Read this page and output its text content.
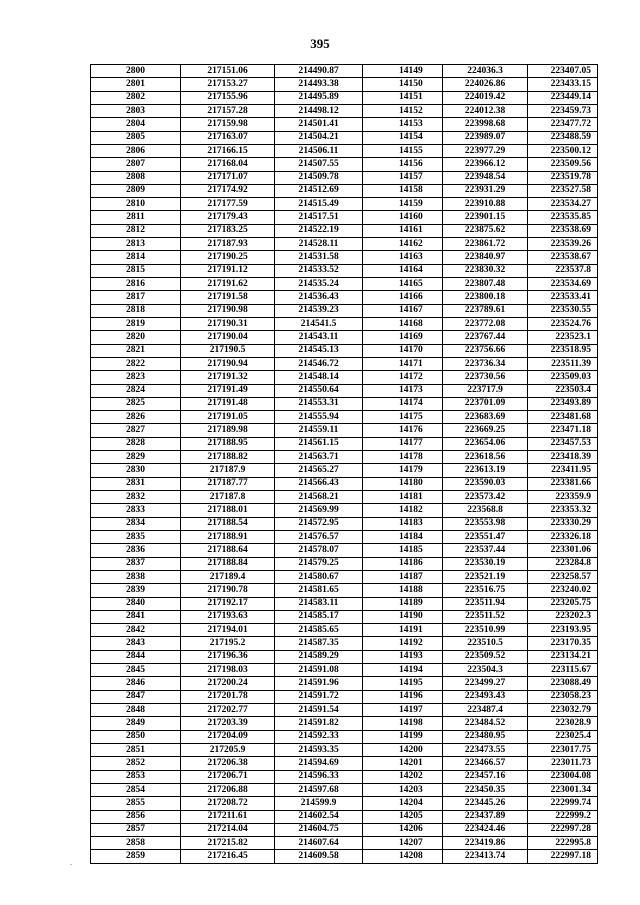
395
2800	217151.06	214490.87	14149	224036.3	223407.05
2801	217153.27	214493.38	14150	224026.86	223433.15
2802	217155.96	214495.89	14151	224019.42	223449.14
2803	217157.28	214498.12	14152	224012.38	223459.73
2804	217159.98	214501.41	14153	223998.68	223477.72
2805	217163.07	214504.21	14154	223989.07	223488.59
2806	217166.15	214506.11	14155	223977.29	223500.12
2807	217168.04	214507.55	14156	223966.12	223509.56
2808	217171.07	214509.78	14157	223948.54	223519.78
2809	217174.92	214512.69	14158	223931.29	223527.58
2810	217177.59	214515.49	14159	223910.88	223534.27
2811	217179.43	214517.51	14160	223901.15	223535.85
2812	217183.25	214522.19	14161	223875.62	223538.69
2813	217187.93	214528.11	14162	223861.72	223539.26
2814	217190.25	214531.58	14163	223840.97	223538.67
2815	217191.12	214533.52	14164	223830.32	223537.8
2816	217191.62	214535.24	14165	223807.48	223534.69
2817	217191.58	214536.43	14166	223800.18	223533.41
2818	217190.98	214539.23	14167	223789.61	223530.55
2819	217190.31	214541.5	14168	223772.08	223524.76
2820	217190.04	214543.11	14169	223767.44	223523.1
2821	217190.5	214545.13	14170	223756.66	223518.95
2822	217190.94	214546.72	14171	223736.34	223511.39
2823	217191.32	214548.14	14172	223730.56	223509.03
2824	217191.49	214550.64	14173	223717.9	223503.4
2825	217191.48	214553.31	14174	223701.09	223493.89
2826	217191.05	214555.94	14175	223683.69	223481.68
2827	217189.98	214559.11	14176	223669.25	223471.18
2828	217188.95	214561.15	14177	223654.06	223457.53
2829	217188.82	214563.71	14178	223618.56	223418.39
2830	217187.9	214565.27	14179	223613.19	223411.95
2831	217187.77	214566.43	14180	223590.03	223381.66
2832	217187.8	214568.21	14181	223573.42	223359.9
2833	217188.01	214569.99	14182	223568.8	223353.32
2834	217188.54	214572.95	14183	223553.98	223330.29
2835	217188.91	214576.57	14184	223551.47	223326.18
2836	217188.64	214578.07	14185	223537.44	223301.06
2837	217188.84	214579.25	14186	223530.19	223284.8
2838	217189.4	214580.67	14187	223521.19	223258.57
2839	217190.78	214581.65	14188	223516.75	223240.02
2840	217192.17	214583.11	14189	223511.94	223205.75
2841	217193.63	214585.17	14190	223511.52	223202.3
2842	217194.01	214585.65	14191	223510.99	223193.95
2843	217195.2	214587.35	14192	223510.5	223170.35
2844	217196.36	214589.29	14193	223509.52	223134.21
2845	217198.03	214591.08	14194	223504.3	223115.67
2846	217200.24	214591.96	14195	223499.27	223088.49
2847	217201.78	214591.72	14196	223493.43	223058.23
2848	217202.77	214591.54	14197	223487.4	223032.79
2849	217203.39	214591.82	14198	223484.52	223028.9
2850	217204.09	214592.33	14199	223480.95	223025.4
2851	217205.9	214593.35	14200	223473.55	223017.75
2852	217206.38	214594.69	14201	223466.57	223011.73
2853	217206.71	214596.33	14202	223457.16	223004.08
2854	217206.88	214597.68	14203	223450.35	223001.34
2855	217208.72	214599.9	14204	223445.26	222999.74
2856	217211.61	214602.54	14205	223437.89	222999.2
2857	217214.04	214604.75	14206	223424.46	222997.28
2858	217215.82	214607.64	14207	223419.86	222995.8
2859	217216.45	214609.58	14208	223413.74	222997.18
.
